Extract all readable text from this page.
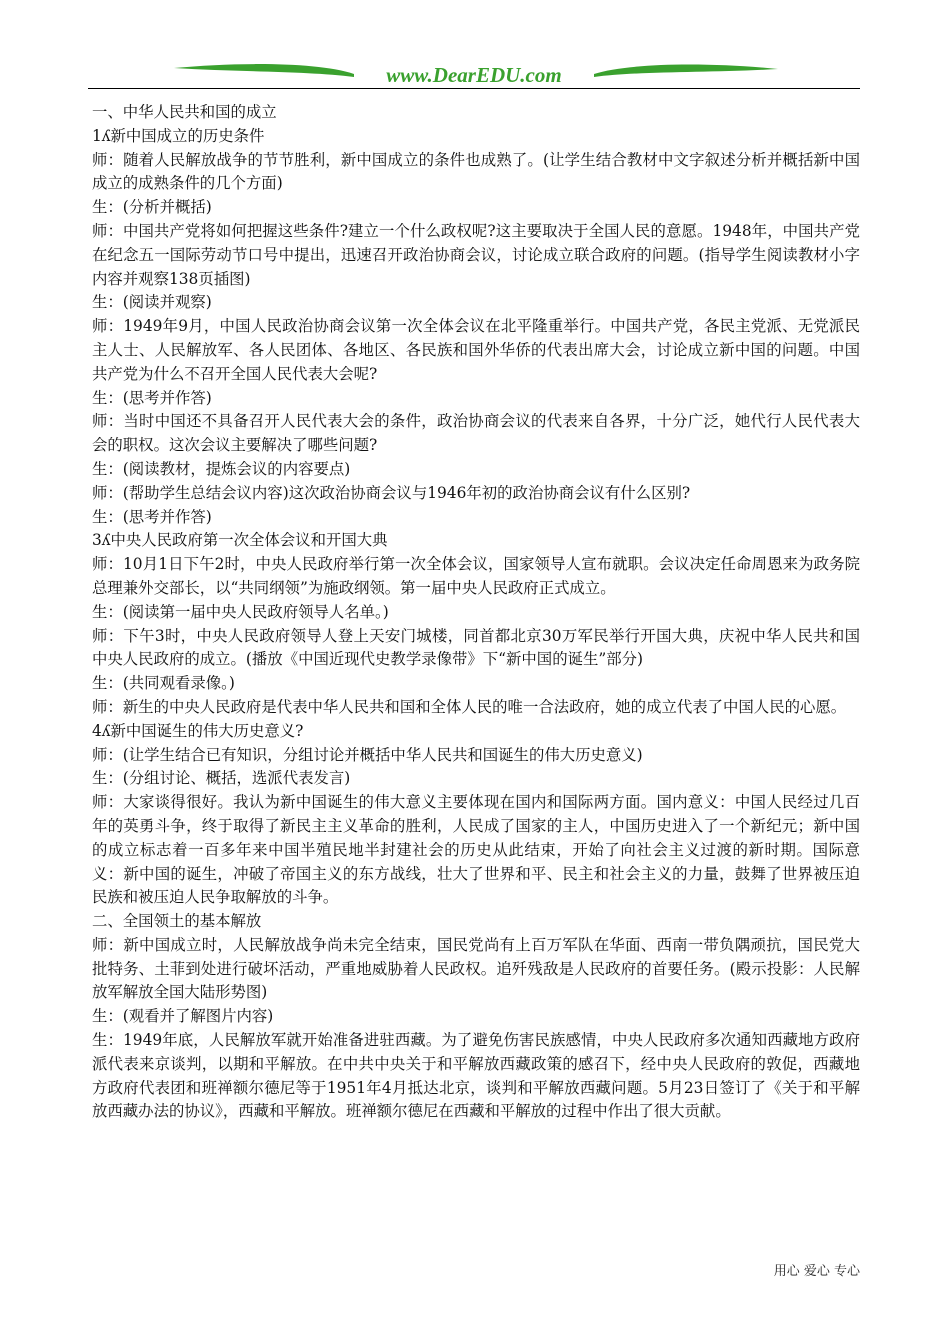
www.DearEDU.com

一、中华人民共和国的成立

1ʎ新中国成立的历史条件

师：随着人民解放战争的节节胜利，新中国成立的条件也成熟了。(让学生结合教材中文字叙述分析并概括新中国成立的成熟条件的几个方面)

生：(分析并概括)

师：中国共产党将如何把握这些条件?建立一个什么政权呢?这主要取决于全国人民的意愿。1948年，中国共产党在纪念五一国际劳动节口号中提出，迅速召开政治协商会议，讨论成立联合政府的问题。(指导学生阅读教材小字内容并观察138页插图)

生：(阅读并观察)

师：1949年9月，中国人民政治协商会议第一次全体会议在北平隆重举行。中国共产党，各民主党派、无党派民主人士、人民解放军、各人民团体、各地区、各民族和国外华侨的代表出席大会，讨论成立新中国的问题。中国共产党为什么不召开全国人民代表大会呢?

生：(思考并作答)

师：当时中国还不具备召开人民代表大会的条件，政治协商会议的代表来自各界，十分广泛，她代行人民代表大会的职权。这次会议主要解决了哪些问题?

生：(阅读教材，提炼会议的内容要点)

师：(帮助学生总结会议内容)这次政治协商会议与1946年初的政治协商会议有什么区别?

生：(思考并作答)

3ʎ中央人民政府第一次全体会议和开国大典

师：10月1日下午2时，中央人民政府举行第一次全体会议，国家领导人宣布就职。会议决定任命周恩来为政务院总理兼外交部长，以“共同纲领”为施政纲领。第一届中央人民政府正式成立。

生：(阅读第一届中央人民政府领导人名单。)

师：下午3时，中央人民政府领导人登上天安门城楼，同首都北京30万军民举行开国大典，庆祝中华人民共和国中央人民政府的成立。(播放《中国近现代史教学录像带》下“新中国的诞生”部分)

生：(共同观看录像。)

师：新生的中央人民政府是代表中华人民共和国和全体人民的唯一合法政府，她的成立代表了中国人民的心愿。

4ʎ新中国诞生的伟大历史意义?

师：(让学生结合已有知识，分组讨论并概括中华人民共和国诞生的伟大历史意义)

生：(分组讨论、概括，选派代表发言)

师：大家谈得很好。我认为新中国诞生的伟大意义主要体现在国内和国际两方面。国内意义：中国人民经过几百年的英勇斗争，终于取得了新民主主义革命的胜利，人民成了国家的主人，中国历史进入了一个新纪元；新中国的成立标志着一百多年来中国半殖民地半封建社会的历史从此结束，开始了向社会主义过渡的新时期。国际意义：新中国的诞生，冲破了帝国主义的东方战线，壮大了世界和平、民主和社会主义的力量，鼓舞了世界被压迫民族和被压迫人民争取解放的斗争。

二、全国领土的基本解放

师：新中国成立时，人民解放战争尚未完全结束，国民党尚有上百万军队在华面、西南一带负隅顽抗，国民党大批特务、土菲到处进行破坏活动，严重地威胁着人民政权。追歼残敌是人民政府的首要任务。(殿示投影：人民解放军解放全国大陆形势图)

生：(观看并了解图片内容)

生：1949年底，人民解放军就开始准备进驻西藏。为了避免伤害民族感情，中央人民政府多次通知西藏地方政府派代表来京谈判，以期和平解放。在中共中央关于和平解放西藏政策的感召下，经中央人民政府的敦促，西藏地方政府代表团和班禅额尔德尼等于1951年4月抵达北京，谈判和平解放西藏问题。5月23日签订了《关于和平解放西藏办法的协议》，西藏和平解放。班禅额尔德尼在西藏和平解放的过程中作出了很大贡献。

用心 爱心 专心
